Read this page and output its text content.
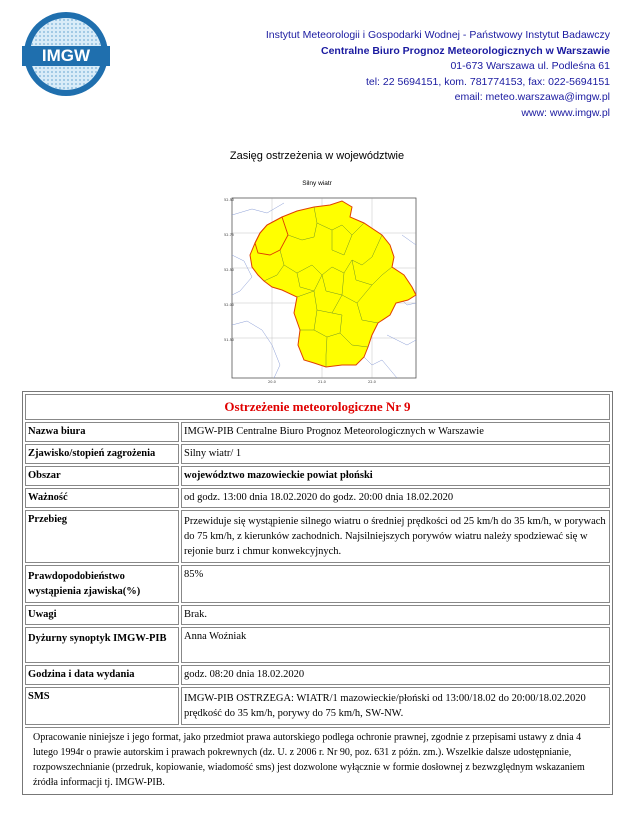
IMGW
Instytut Meteorologii i Gospodarki Wodnej - Państwowy Instytut Badawczy
Centralne Biuro Prognoz Meteorologicznych w Warszawie
01-673 Warszawa ul. Podleśna 61
tel: 22 5694151, kom. 781774153, fax: 022-5694151
email: meteo.warszawa@imgw.pl
www: www.imgw.pl
Zasięg ostrzeżenia w województwie
Silny wiatr
52.50
52.75
52.50
52.00
51.50
20.0	21.0	22.0
Ostrzeżenie meteorologiczne Nr 9	
Nazwa biura	IMGW-PIB Centralne Biuro Prognoz Meteorologicznych w Warszawie
Zjawisko/stopień zagrożenia	Silny wiatr/ 1
Obszar	województwo mazowieckie powiat płoński
Ważność	od godz. 13:00 dnia 18.02.2020 do godz. 20:00 dnia 18.02.2020
Przebieg	Przewiduje się wystąpienie silnego wiatru o średniej prędkości od 25 km/h do 35 km/h, w porywach do 75 km/h, z kierunków zachodnich. Najsilniejszych porywów wiatru należy spodziewać się w rejonie burz i chmur konwekcyjnych.
Prawdopodobieństwo wystąpienia zjawiska(%)	85%
Uwagi	Brak.
Dyżurny synoptyk IMGW-PIB	Anna Woźniak
Godzina i data wydania	godz. 08:20 dnia 18.02.2020
SMS	IMGW-PIB OSTRZEGA: WIATR/1 mazowieckie/płoński od 13:00/18.02 do 20:00/18.02.2020 prędkość do 35 km/h, porywy do 75 km/h, SW-NW.
Opracowanie niniejsze i jego format, jako przedmiot prawa autorskiego podlega ochronie prawnej, zgodnie z przepisami ustawy z dnia 4 lutego 1994r o prawie autorskim i prawach pokrewnych (dz. U. z 2006 r. Nr 90, poz. 631 z późn. zm.). Wszelkie dalsze udostępnianie, rozpowszechnianie (przedruk, kopiowanie, wiadomość sms) jest dozwolone wyłącznie w formie dosłownej z bezwzględnym wskazaniem źródła informacji tj. IMGW-PIB.
